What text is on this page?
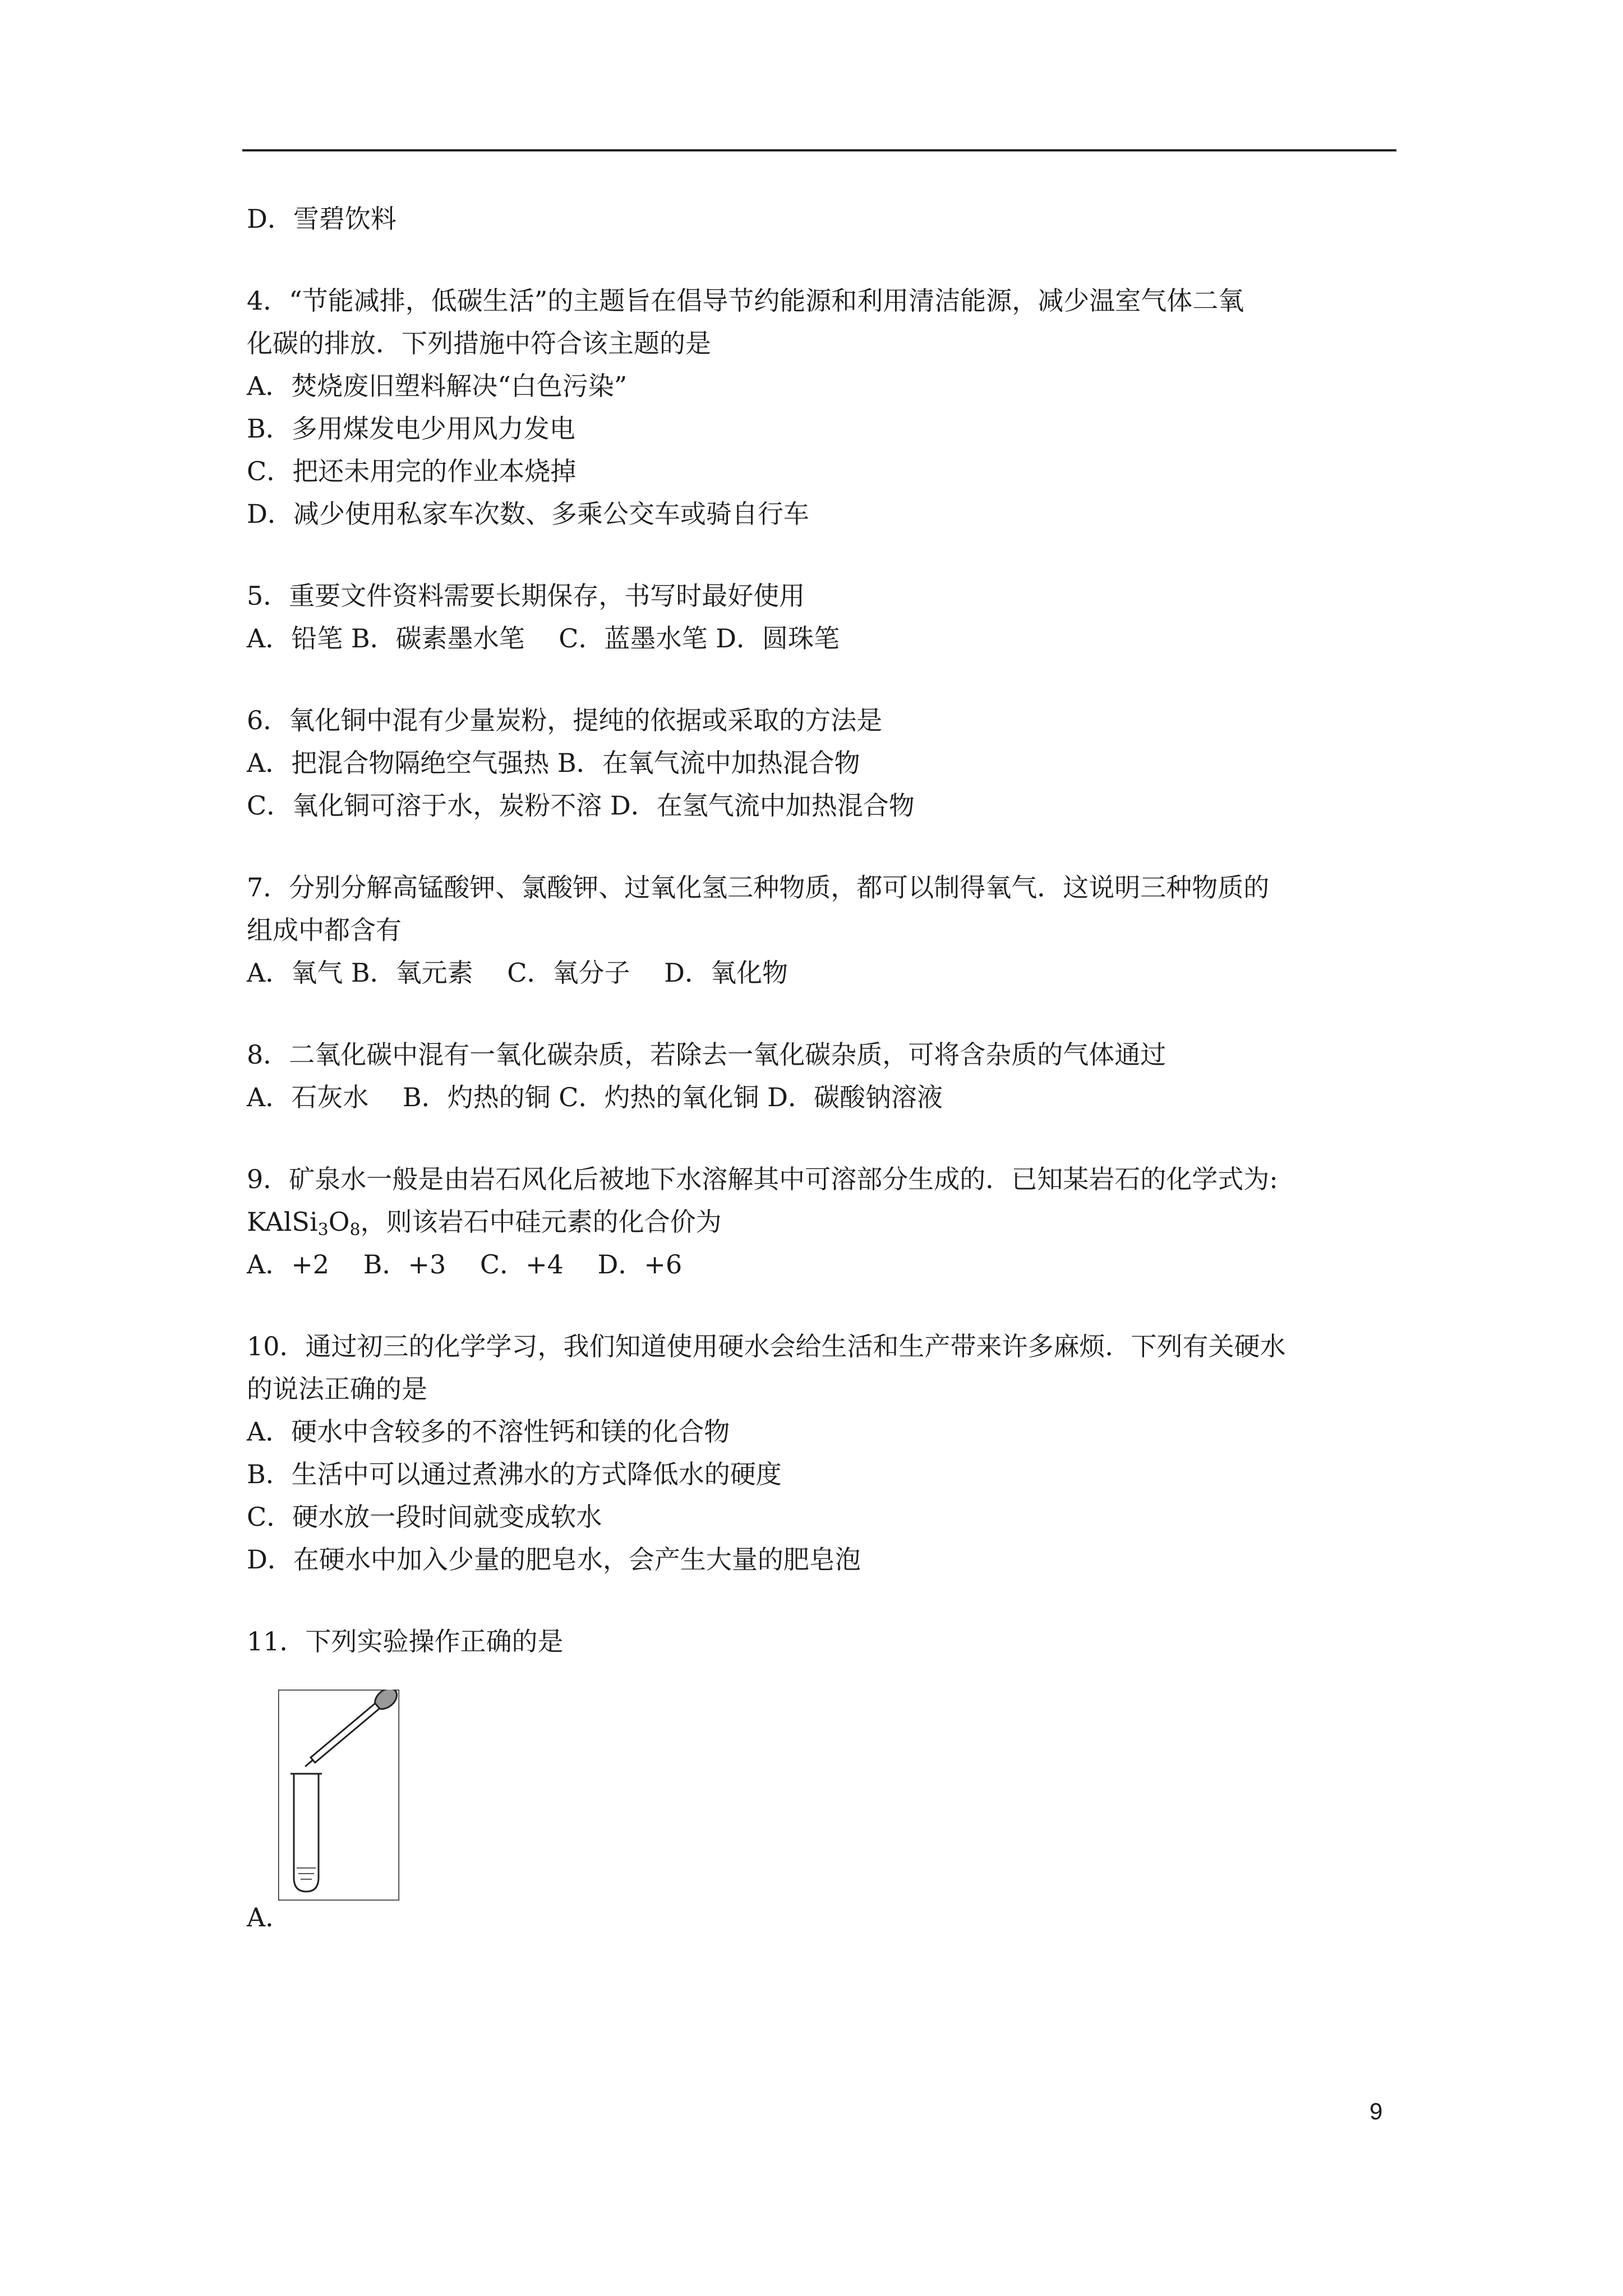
D．雪碧饮料
4．“节能减排，低碳生活”的主题旨在倡导节约能源和利用清洁能源，减少温室气体二氧
化碳的排放．下列措施中符合该主题的是
A．焚烧废旧塑料解决“白色污染”
B．多用煤发电少用风力发电
C．把还未用完的作业本烧掉
D．减少使用私家车次数、多乘公交车或骑自行车
5．重要文件资料需要长期保存，书写时最好使用
A．铅笔 B．碳素墨水笔　 C．蓝墨水笔 D．圆珠笔
6．氧化铜中混有少量炭粉，提纯的依据或采取的方法是
A．把混合物隔绝空气强热 B．在氧气流中加热混合物
C．氧化铜可溶于水，炭粉不溶 D．在氢气流中加热混合物
7．分别分解高锰酸钾、氯酸钾、过氧化氢三种物质，都可以制得氧气．这说明三种物质的
组成中都含有
A．氧气 B．氧元素　 C．氧分子　 D．氧化物
8．二氧化碳中混有一氧化碳杂质，若除去一氧化碳杂质，可将含杂质的气体通过
A．石灰水　 B．灼热的铜 C．灼热的氧化铜 D．碳酸钠溶液
9．矿泉水一般是由岩石风化后被地下水溶解其中可溶部分生成的．已知某岩石的化学式为:
$KAlSi_3O_8$，则该岩石中硅元素的化合价为
A．+2　 B．+3　 C．+4　 D．+6
10．通过初三的化学学习，我们知道使用硬水会给生活和生产带来许多麻烦．下列有关硬水
的说法正确的是
A．硬水中含较多的不溶性钙和镁的化合物
B．生活中可以通过煮沸水的方式降低水的硬度
C．硬水放一段时间就变成软水
D．在硬水中加入少量的肥皂水，会产生大量的肥皂泡
11．下列实验操作正确的是
A．
9
